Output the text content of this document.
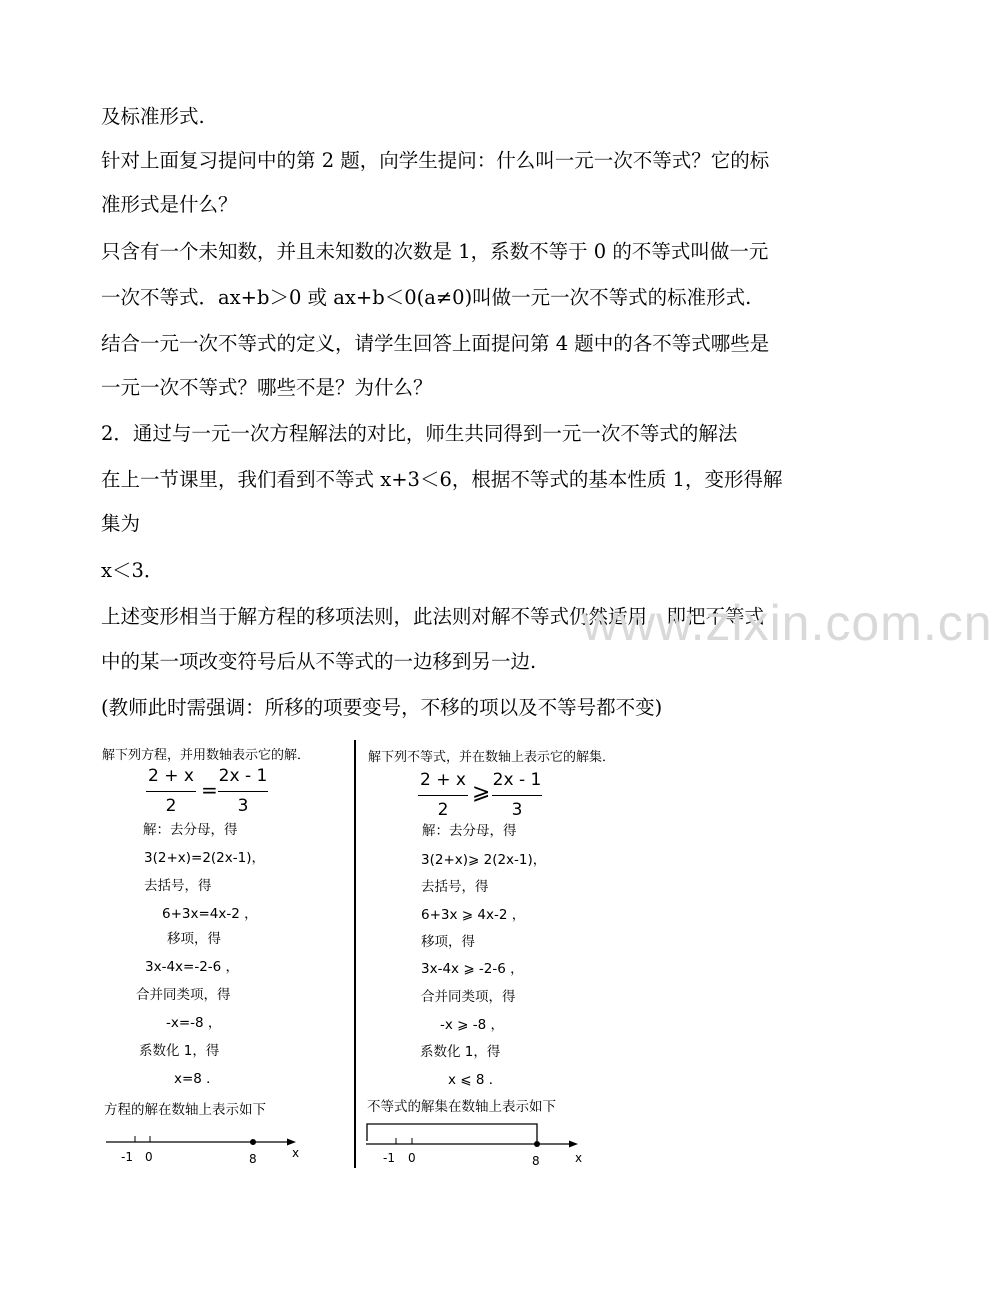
及标准形式.
针对上面复习提问中的第 2 题，向学生提问：什么叫一元一次不等式？它的标
准形式是什么？
只含有一个未知数，并且未知数的次数是 1，系数不等于 0 的不等式叫做一元
一次不等式．ax+b＞0 或 ax+b＜0(a≠0)叫做一元一次不等式的标准形式.
结合一元一次不等式的定义，请学生回答上面提问第 4 题中的各不等式哪些是
一元一次不等式？哪些不是？为什么？
2．通过与一元一次方程解法的对比，师生共同得到一元一次不等式的解法
在上一节课里，我们看到不等式 x+3＜6，根据不等式的基本性质 1，变形得解
集为
x＜3．
上述变形相当于解方程的移项法则，此法则对解不等式仍然适用．即把不等式
中的某一项改变符号后从不等式的一边移到另一边.
(教师此时需强调：所移的项要变号，不移的项以及不等号都不变)
www.zixin.com.cn
解下列方程，并用数轴表示它的解．
2 + x
2
=
2x - 1
3
解：去分母，得
3(2+x)=2(2x-1)，
去括号，得
6+3x=4x-2 ，
移项，得
3x-4x=-2-6 ，
合并同类项，得
-x=-8 ，
系数化 1，得
x=8 ．
方程的解在数轴上表示如下
-1 0	8	x
解下列不等式，并在数轴上表示它的解集．
2 + x
2
⩾ 2x - 1
3
解：去分母，得
3(2+x)⩾ 2(2x-1)，
去括号，得
6+3x ⩾ 4x-2 ，
移项，得
3x-4x ⩾ -2-6 ，
合并同类项，得
-x ⩾ -8 ，
系数化 1，得
x ⩽ 8 ．
不等式的解集在数轴上表示如下
-1 0	8	x
